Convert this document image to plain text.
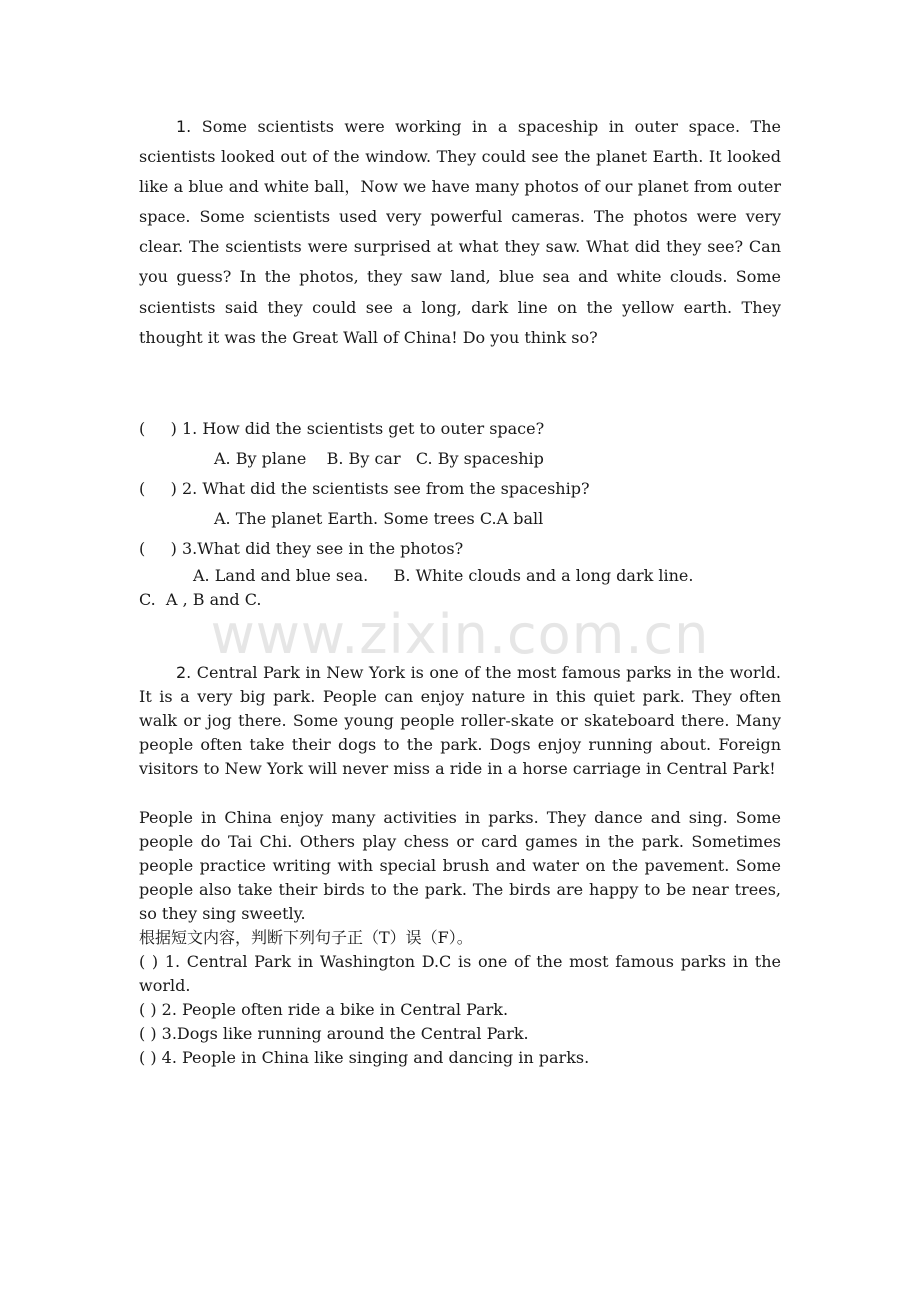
www.zixin.com.cn

1. Some scientists were working in a spaceship in outer space. The scientists looked out of the window. They could see the planet Earth. It looked like a blue and white ball，Now we have many photos of our planet from outer space. Some scientists used very powerful cameras. The photos were very clear. The scientists were surprised at what they saw. What did they see? Can you guess? In the photos, they saw land, blue sea and white clouds. Some scientists said they could see a long, dark line on the yellow earth. They thought it was the Great Wall of China! Do you think so?

(     ) 1. How did the scientists get to outer space?
A. By plane    B. By car   C. By spaceship
(     ) 2. What did the scientists see from the spaceship?
A. The planet Earth. Some trees C.A ball
(     ) 3.What did they see in the photos?
A. Land and blue sea.     B. White clouds and a long dark line.
C.  A , B and C.

2. Central Park in New York is one of the most famous parks in the world. It is a very big park. People can enjoy nature in this quiet park. They often walk or jog there. Some young people roller-skate or skateboard there. Many people often take their dogs to the park. Dogs enjoy running about. Foreign visitors to New York will never miss a ride in a horse carriage in Central Park!

People in China enjoy many activities in parks. They dance and sing. Some people do Tai Chi. Others play chess or card games in the park. Sometimes people practice writing with special brush and water on the pavement. Some people also take their birds to the park. The birds are happy to be near trees, so they sing sweetly.

根据短文内容，判断下列句子正（T）误（F）。
( ) 1. Central Park in Washington D.C is one of the most famous parks in the world.
( ) 2. People often ride a bike in Central Park.
( ) 3.Dogs like running around the Central Park.
( ) 4. People in China like singing and dancing in parks.
